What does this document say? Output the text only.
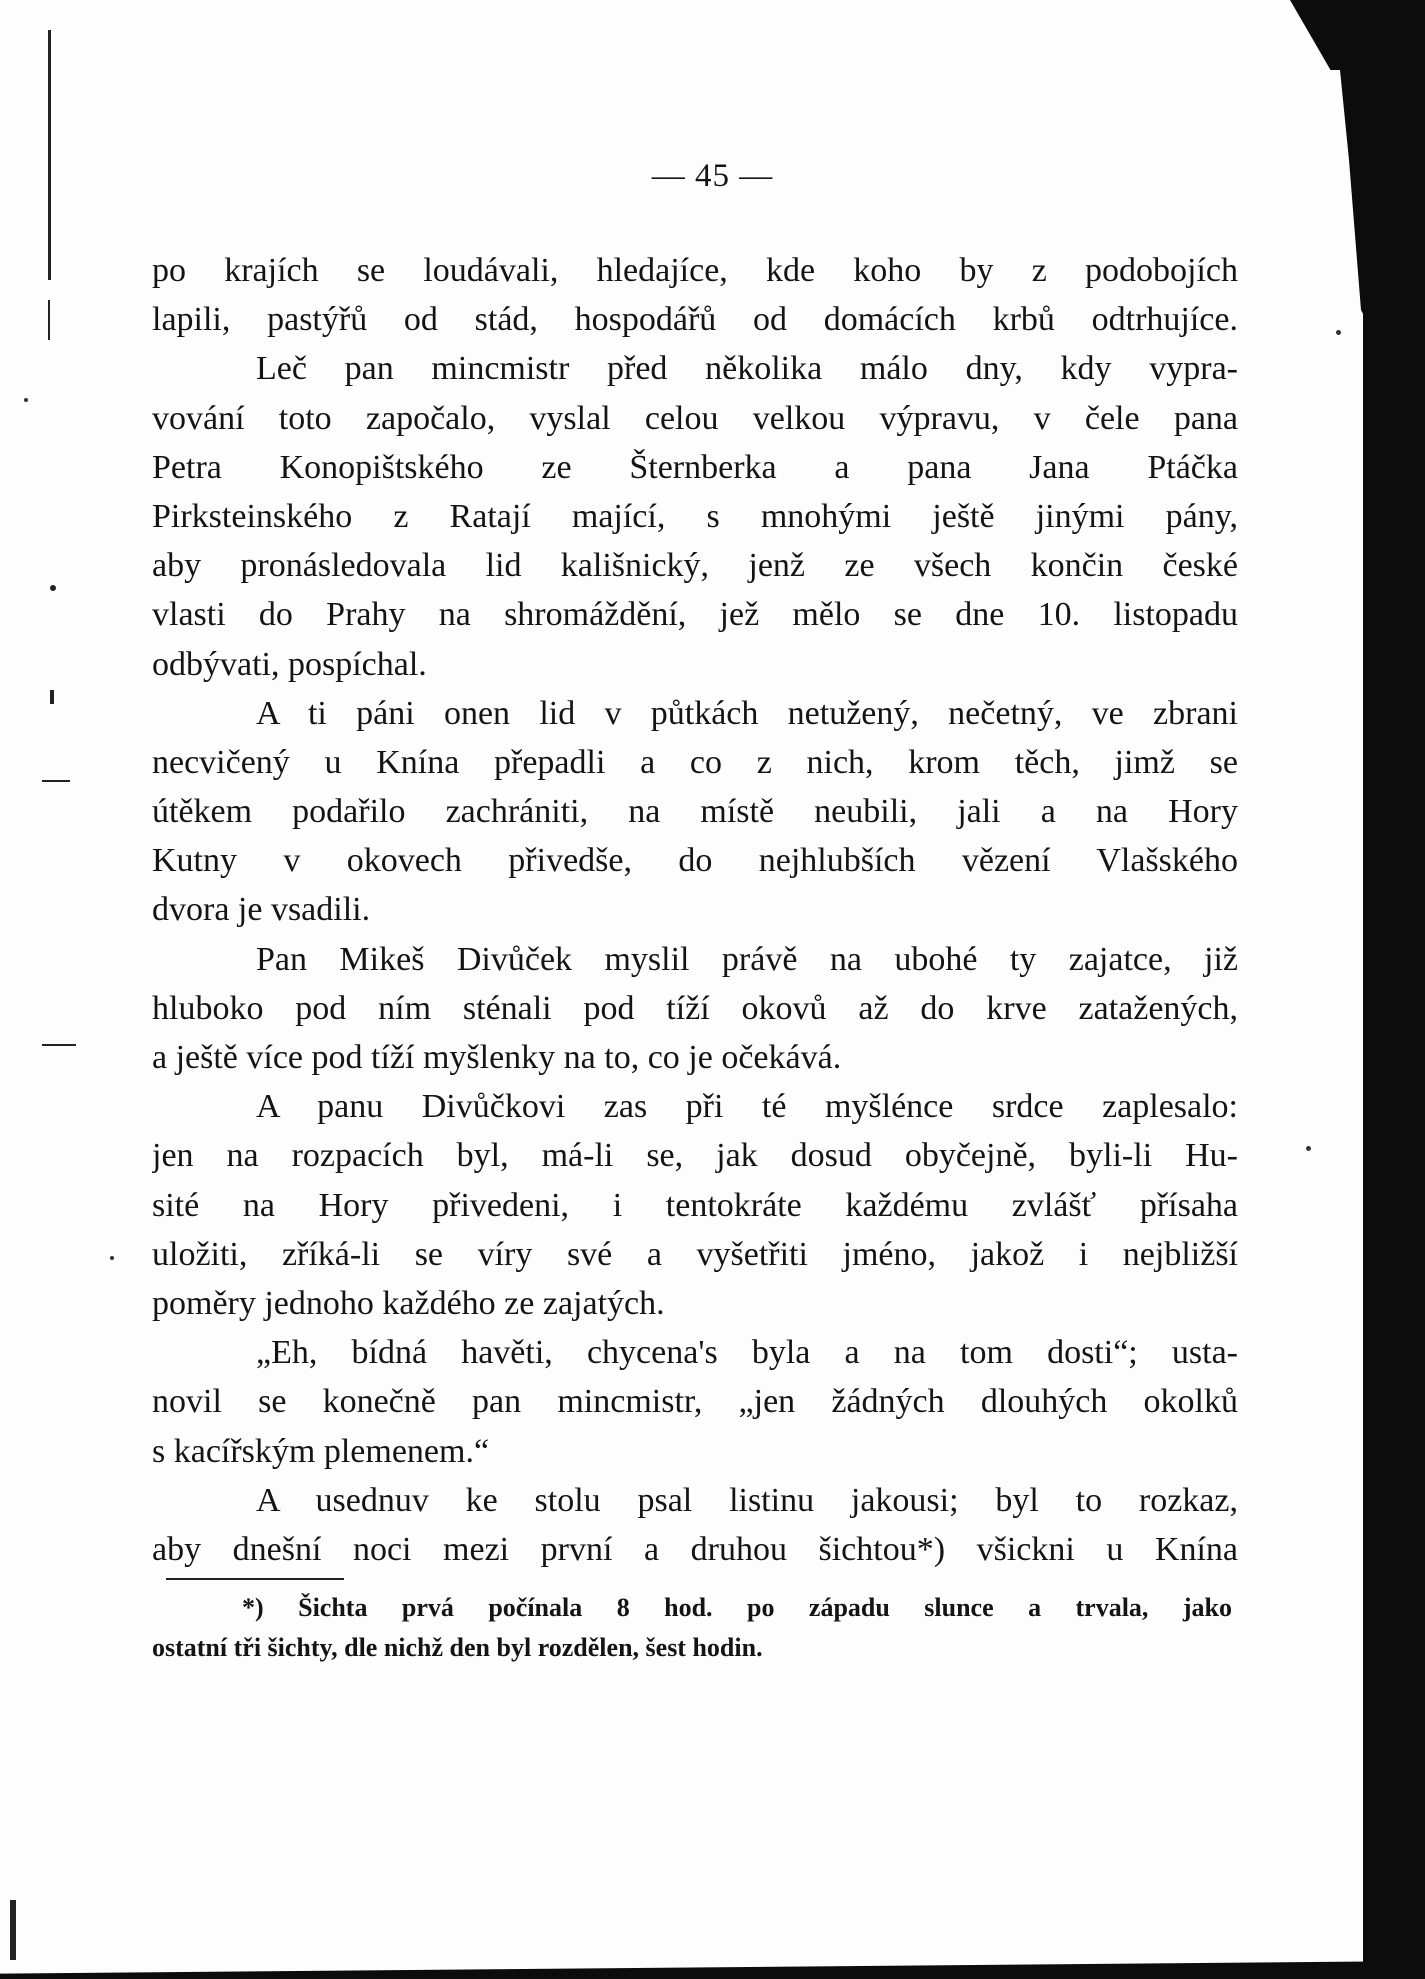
— 45 —
po krajích se loudávali, hledajíce, kde koho by z podobojích
lapili, pastýřů od stád, hospodářů od domácích krbů odtrhujíce.
Leč pan mincmistr před několika málo dny, kdy vypra-
vování toto započalo, vyslal celou velkou výpravu, v čele pana
Petra Konopištského ze Šternberka a pana Jana Ptáčka
Pirksteinského z Ratají mající, s mnohými ještě jinými pány,
aby pronásledovala lid kališnický, jenž ze všech končin české
vlasti do Prahy na shromáždění, jež mělo se dne 10. listopadu
odbývati, pospíchal.
A ti páni onen lid v půtkách netužený, nečetný, ve zbrani
necvičený u Knína přepadli a co z nich, krom těch, jimž se
útěkem podařilo zachrániti, na místě neubili, jali a na Hory
Kutny v okovech přivedše, do nejhlubších vězení Vlašského
dvora je vsadili.
Pan Mikeš Divůček myslil právě na ubohé ty zajatce, již
hluboko pod ním sténali pod tíží okovů až do krve zatažených,
a ještě více pod tíží myšlenky na to, co je očekává.
A panu Divůčkovi zas při té myšlénce srdce zaplesalo:
jen na rozpacích byl, má-li se, jak dosud obyčejně, byli-li Hu-
sité na Hory přivedeni, i tentokráte každému zvlášť přísaha
uložiti, zříká-li se víry své a vyšetřiti jméno, jakož i nejbližší
poměry jednoho každého ze zajatých.
„Eh, bídná havěti, chycena's byla a na tom dosti“; usta-
novil se konečně pan mincmistr, „jen žádných dlouhých okolků
s kacířským plemenem.“
A usednuv ke stolu psal listinu jakousi; byl to rozkaz,
aby dnešní noci mezi první a druhou šichtou*) všickni u Knína
*) Šichta prvá počínala 8 hod. po západu slunce a trvala, jako
ostatní tři šichty, dle nichž den byl rozdělen, šest hodin.
